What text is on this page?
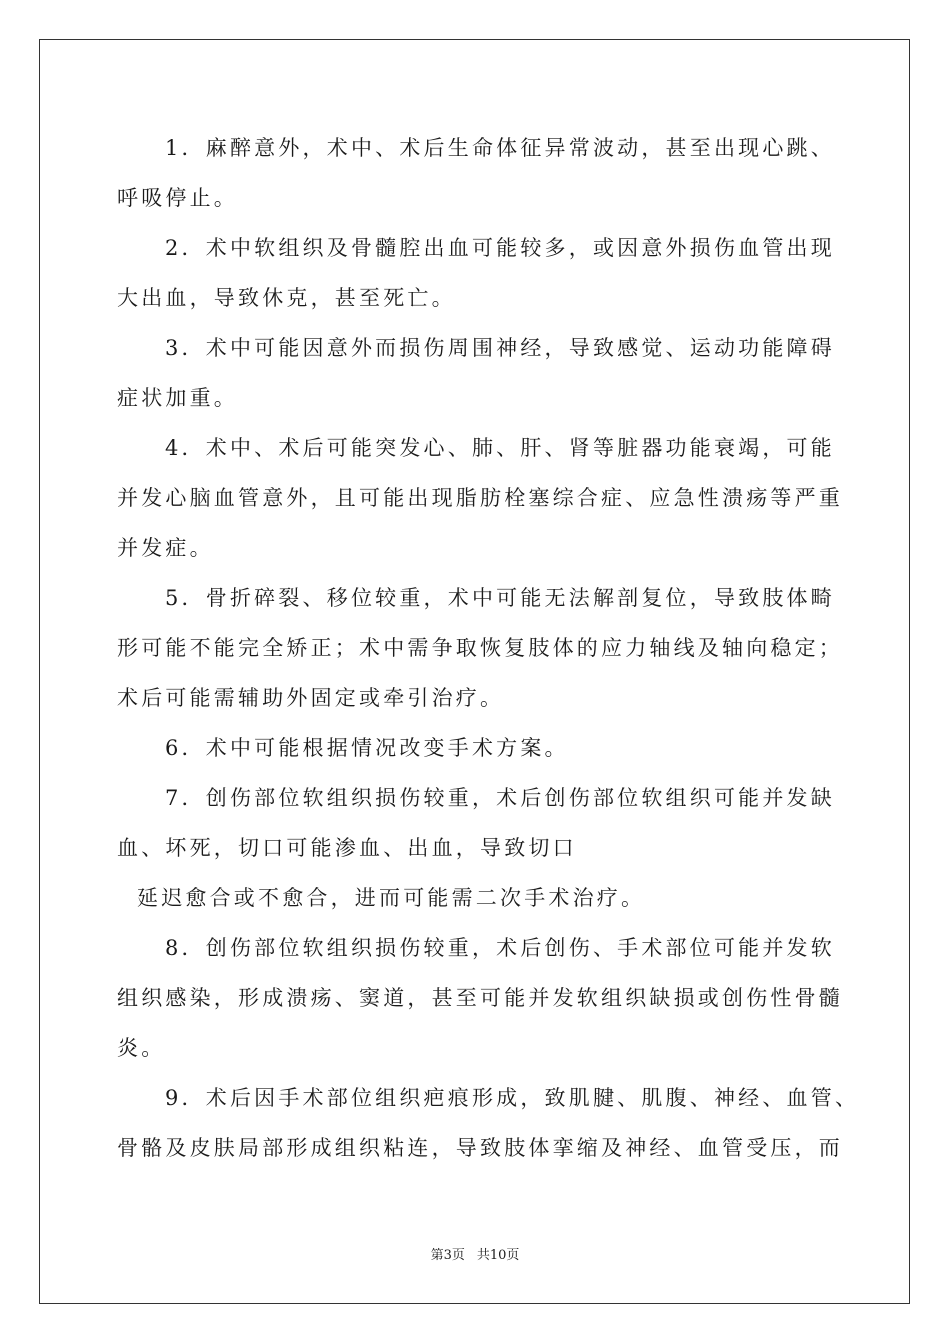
1．麻醉意外，术中、术后生命体征异常波动，甚至出现心跳、
呼吸停止。
2．术中软组织及骨髓腔出血可能较多，或因意外损伤血管出现
大出血，导致休克，甚至死亡。
3．术中可能因意外而损伤周围神经，导致感觉、运动功能障碍
症状加重。
4．术中、术后可能突发心、肺、肝、肾等脏器功能衰竭，可能
并发心脑血管意外，且可能出现脂肪栓塞综合症、应急性溃疡等严重
并发症。
5．骨折碎裂、移位较重，术中可能无法解剖复位，导致肢体畸
形可能不能完全矫正；术中需争取恢复肢体的应力轴线及轴向稳定；
术后可能需辅助外固定或牵引治疗。
6．术中可能根据情况改变手术方案。
7．创伤部位软组织损伤较重，术后创伤部位软组织可能并发缺
血、坏死，切口可能渗血、出血，导致切口
延迟愈合或不愈合，进而可能需二次手术治疗。
8．创伤部位软组织损伤较重，术后创伤、手术部位可能并发软
组织感染，形成溃疡、窦道，甚至可能并发软组织缺损或创伤性骨髓
炎。
9．术后因手术部位组织疤痕形成，致肌腱、肌腹、神经、血管、
骨骼及皮肤局部形成组织粘连，导致肢体挛缩及神经、血管受压，而
第3页 共10页
